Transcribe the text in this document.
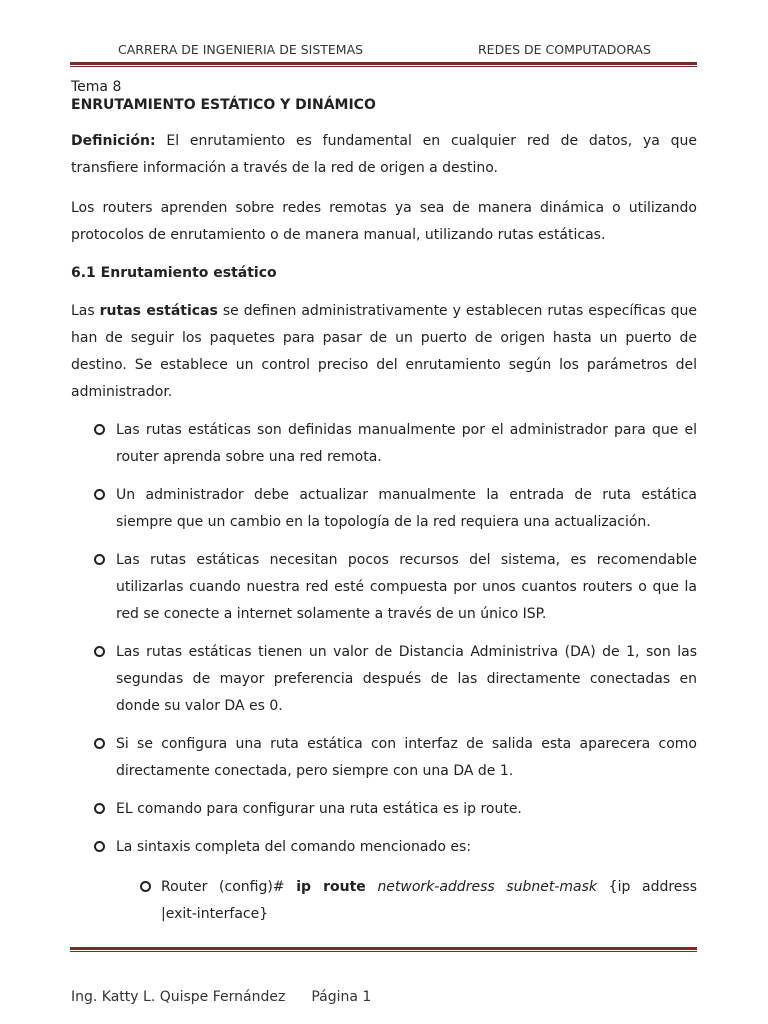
CARRERA DE INGENIERIA DE SISTEMAS	REDES DE COMPUTADORAS

Tema 8

ENRUTAMIENTO ESTÁTICO Y DINÁMICO

Definición: El enrutamiento es fundamental en cualquier red de datos, ya que transfiere información a través de la red de origen a destino.

Los routers aprenden sobre redes remotas ya sea de manera dinámica o utilizando protocolos de enrutamiento o de manera manual, utilizando rutas estáticas.

6.1 Enrutamiento estático

Las rutas estáticas se definen administrativamente y establecen rutas específicas que han de seguir los paquetes para pasar de un puerto de origen hasta un puerto de destino. Se establece un control preciso del enrutamiento según los parámetros del administrador.

Las rutas estáticas son definidas manualmente por el administrador para que el router aprenda sobre una red remota.
Un administrador debe actualizar manualmente la entrada de ruta estática siempre que un cambio en la topología de la red requiera una actualización.
Las rutas estáticas necesitan pocos recursos del sistema, es recomendable utilizarlas cuando nuestra red esté compuesta por unos cuantos routers o que la red se conecte a internet solamente a través de un único ISP.
Las rutas estáticas tienen un valor de Distancia Administriva (DA) de 1, son las segundas de mayor preferencia después de las directamente conectadas en donde su valor DA es 0.
Si se configura una ruta estática con interfaz de salida esta aparecera como directamente conectada, pero siempre con una DA de 1.
EL comando para configurar una ruta estática es ip route.
La sintaxis completa del comando mencionado es:
Router (config)# ip route network-address subnet-mask {ip address            |exit-interface}
Ing. Katty L. Quispe Fernández Página 1
